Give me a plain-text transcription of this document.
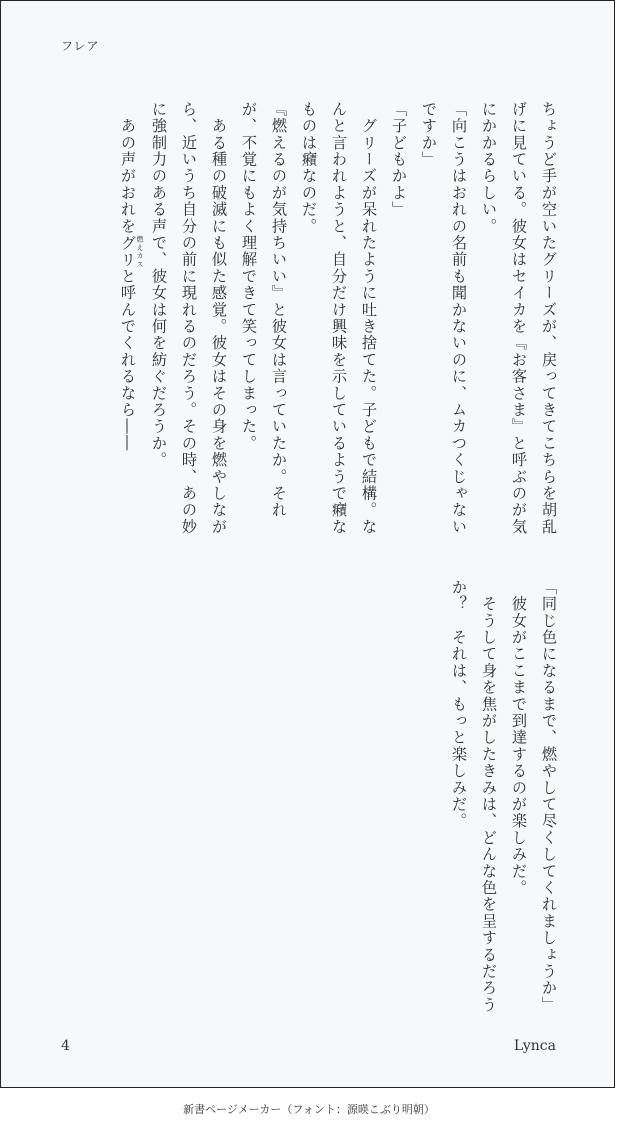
フレア

ちょうど手が空いたグリーズが、戻ってきてこちらを胡乱げに見ている。彼女はセイカを『お客さま』と呼ぶのが気にかかるらしい。

「向こうはおれの名前も聞かないのに、ムカつくじゃないですか」

「子どもかよ」

　グリーズが呆れたように吐き捨てた。子どもで結構。なんと言われようと、自分だけ興味を示しているようで癪なものは癪なのだ。

『燃えるのが気持ちいい』と彼女は言っていたか。それが、不覚にもよく理解できて笑ってしまった。

　ある種の破滅にも似た感覚。彼女はその身を燃やしながら、近いうち自分の前に現れるのだろう。その時、あの妙に強制力のある声で、彼女は何を紡ぐだろうか。

　あの声がおれをグリ 燃えカスと呼んでくれるなら――

「同じ色になるまで、燃やして尽くしてくれましょうか」

　彼女がここまで到達するのが楽しみだ。

　そうして身を焦がしたきみは、どんな色を呈するだろうか？　それは、もっと楽しみだ。

4	Lynca
新書ページメーカー（フォント：源暎こぶり明朝）
